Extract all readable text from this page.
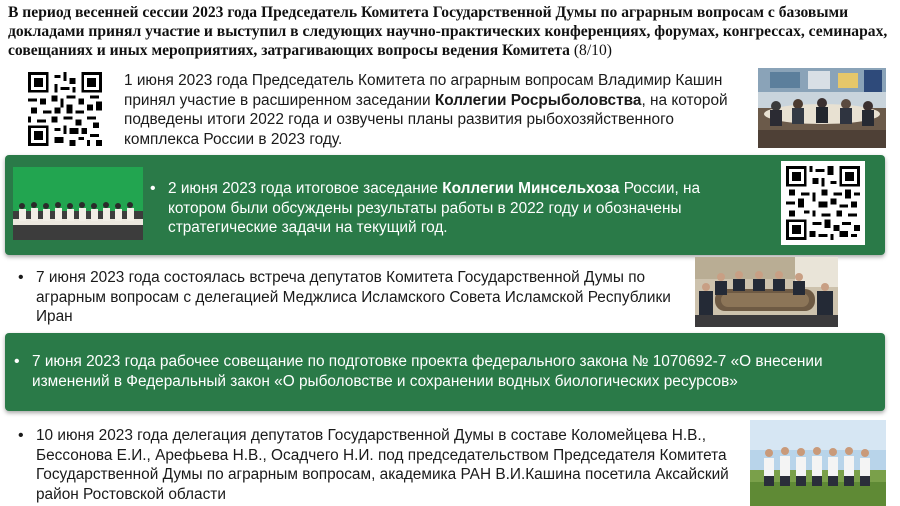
В период весенней сессии 2023 года Председатель Комитета Государственной Думы по аграрным вопросам с базовыми докладами принял участие и выступил в следующих научно-практических конференциях, форумах, конгрессах, семинарах, совещаниях и иных мероприятиях, затрагивающих вопросы ведения Комитета (8/10)
1 июня 2023 года Председатель Комитета по аграрным вопросам Владимир Кашин принял участие в расширенном заседании Коллегии Росрыболовства, на которой подведены итоги 2022 года и озвучены планы развития рыбохозяйственного комплекса России в 2023 году.
• 2 июня 2023 года итоговое заседание Коллегии Минсельхоза России, на котором были обсуждены результаты работы в 2022 году и обозначены стратегические задачи на текущий год.
• 7 июня 2023 года состоялась встреча депутатов Комитета Государственной Думы по аграрным вопросам с делегацией Меджлиса Исламского Совета Исламской Республики Иран
• 7 июня 2023 года рабочее совещание по подготовке проекта федерального закона № 1070692-7 «О внесении изменений в Федеральный закон «О рыболовстве и сохранении водных биологических ресурсов»
• 10 июня 2023 года делегация депутатов Государственной Думы в составе Коломейцева Н.В., Бессонова Е.И., Арефьева Н.В., Осадчего Н.И. под председательством Председателя Комитета Государственной Думы по аграрным вопросам, академика РАН В.И.Кашина посетила Аксайский район Ростовской области
